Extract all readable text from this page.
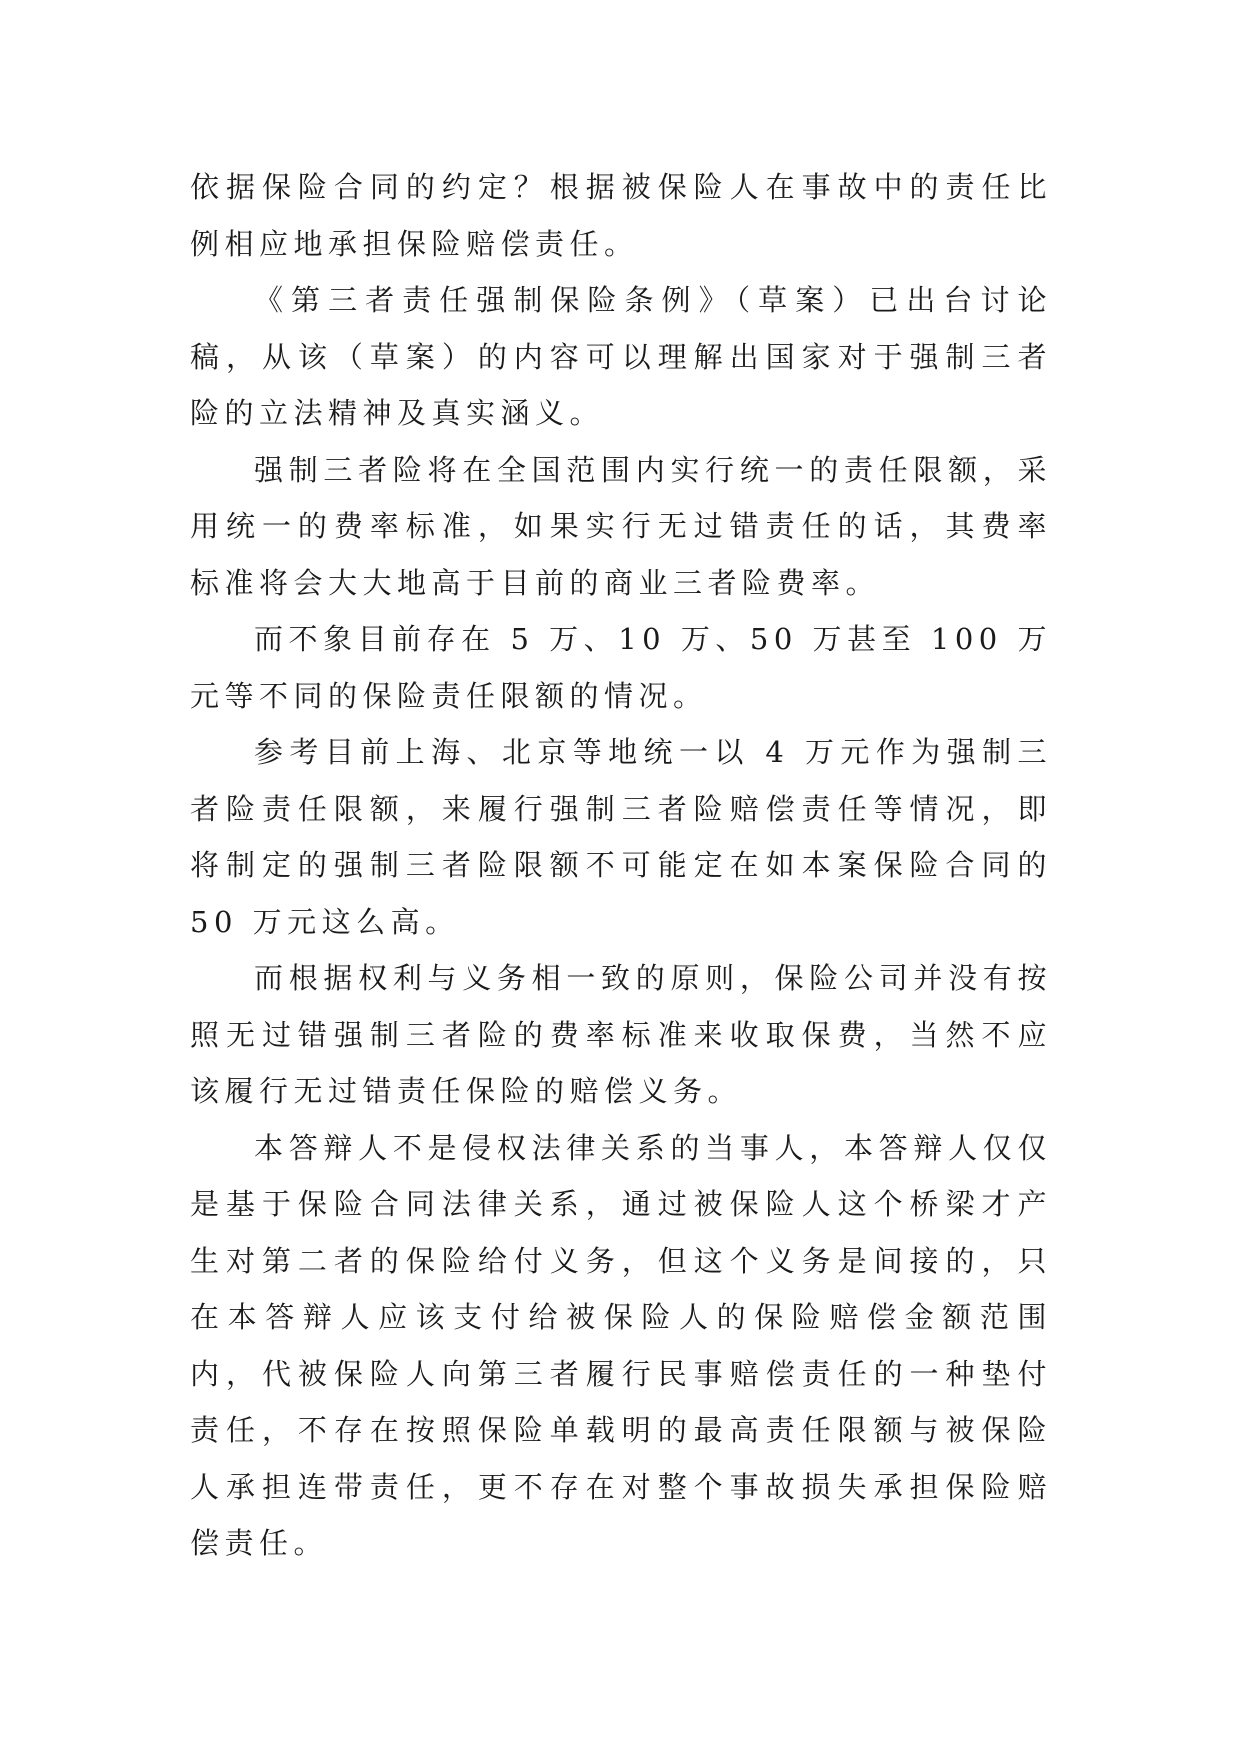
依据保险合同的约定？根据被保险人在事故中的责任比例相应地承担保险赔偿责任。

《第三者责任强制保险条例》（草案）已出台讨论稿，从该（草案）的内容可以理解出国家对于强制三者险的立法精神及真实涵义。

强制三者险将在全国范围内实行统一的责任限额，采用统一的费率标准，如果实行无过错责任的话，其费率标准将会大大地高于目前的商业三者险费率。

而不象目前存在 5 万、10 万、50 万甚至 100 万元等不同的保险责任限额的情况。

参考目前上海、北京等地统一以 4 万元作为强制三者险责任限额，来履行强制三者险赔偿责任等情况，即将制定的强制三者险限额不可能定在如本案保险合同的 50 万元这么高。

而根据权利与义务相一致的原则，保险公司并没有按照无过错强制三者险的费率标准来收取保费，当然不应该履行无过错责任保险的赔偿义务。

本答辩人不是侵权法律关系的当事人，本答辩人仅仅是基于保险合同法律关系，通过被保险人这个桥梁才产生对第二者的保险给付义务，但这个义务是间接的，只在本答辩人应该支付给被保险人的保险赔偿金额范围内，代被保险人向第三者履行民事赔偿责任的一种垫付责任，不存在按照保险单载明的最高责任限额与被保险人承担连带责任，更不存在对整个事故损失承担保险赔偿责任。
